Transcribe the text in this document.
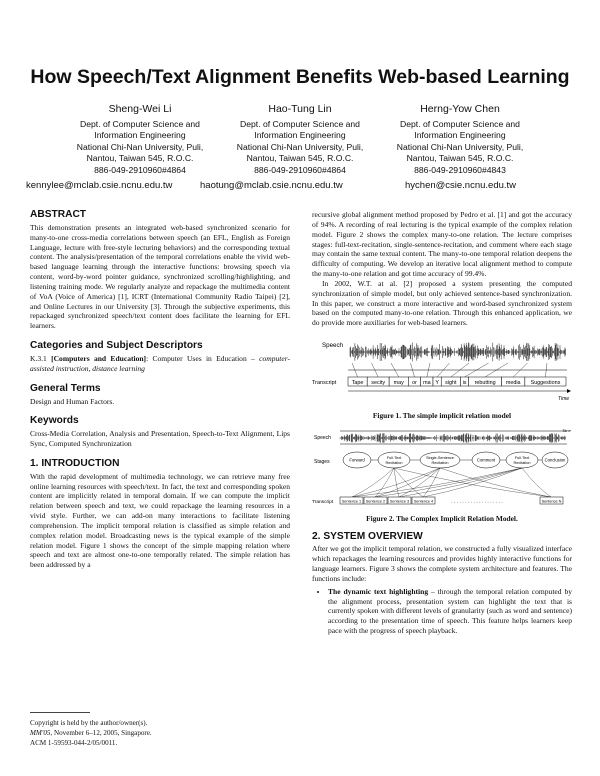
How Speech/Text Alignment Benefits Web-based Learning
Sheng-Wei Li
Dept. of Computer Science and
Information Engineering
National Chi-Nan University, Puli,
Nantou, Taiwan 545, R.O.C.
886-049-2910960#4864
Hao-Tung Lin
Dept. of Computer Science and
Information Engineering
National Chi-Nan University, Puli,
Nantou, Taiwan 545, R.O.C.
886-049-2910960#4864
Herng-Yow Chen
Dept. of Computer Science and
Information Engineering
National Chi-Nan University, Puli,
Nantou, Taiwan 545, R.O.C.
886-049-2910960#4843
kennylee@mclab.csie.ncnu.edu.tw	haotung@mclab.csie.ncnu.edu.tw	hychen@csie.ncnu.edu.tw
ABSTRACT

This demonstration presents an integrated web-based synchronized scenario for many-to-one cross-media correlations between speech (an EFL, English as Foreign Language, lecture with free-style lecturing behaviors) and the corresponding textual content. The analysis/presentation of the temporal correlations enable the vivid web-based language learning through the interactive functions: browsing speech via content, word-by-word pointer guidance, synchronized scrolling/highlighting, and listening training mode. We regularly analyze and repackage the multimedia content of VoA (Voice of America) [1], ICRT (International Community Radio Taipei) [2], and Online Lectures in our University [3]. Through the subjective experiments, this repackaged synchronized speech/text content does facilitate the learning for EFL learners.

Categories and Subject Descriptors

K.3.1 [Computers and Education]: Computer Uses in Education – computer-assisted instruction, distance learning

General Terms

Design and Human Factors.

Keywords

Cross-Media Correlation, Analysis and Presentation, Speech-to-Text Alignment, Lips Sync, Computed Synchronization

1. INTRODUCTION

With the rapid development of multimedia technology, we can retrieve many free online learning resources with speech/text. In fact, the text and corresponding spoken content are implicitly related in temporal domain. If we can compute the implicit relation between speech and text, we could repackage the learning resources in a vivid style. Further, we can add-on many interactions to facilitate listening comprehension. The implicit temporal relation is classified as simple relation and complex relation model. Broadcasting news is the typical example of the simple relation model. Figure 1 shows the concept of the simple mapping relation where speech and text are almost one-to-one temporally related. The simple relation has been addressed by a

Copyright is held by the author/owner(s).
MM'05, November 6–12, 2005, Singapore.
ACM 1-59593-044-2/05/0011.

recursive global alignment method proposed by Pedro et al. [1] and got the accuracy of 94%. A recording of real lecturing is the typical example of the complex relation model. Figure 2 shows the complex many-to-one relation. The lecture comprises stages: full-text-recitation, single-sentence-recitation, and comment where each stage may contain the same textual content. The many-to-one temporal relation deepens the difficulty of computing. We develop an iterative local alignment method to compute the many-to-one relation and got time accuracy of 99.4%.

In 2002, W.T. at al. [2] proposed a system presenting the computed synchronization of simple model, but only achieved sentence-based synchronization. In this paper, we construct a more interactive and word-based synchronized system based on the computed many-to-one relation. Through this enhanced application, we do provide more auxiliaries for web-based learners.

Speech
Transcript	Tape secity may or ma Y sight is rebutting media Suggestions
Time
Figure 1. The simple implicit relation model
Time
Speech
Stages	Forward	Full-Text
Recitation
Single-Sentence
Recitation
Comment	Full-Text
Recitation
Conclusion
Transcript Sentence 1 Sentence 2 Sentence 3 Sentence 4	Sentence N
. . . . . . . . . . . . . . . . . . .
Figure 2. The Complex Implicit Relation Model.
2. SYSTEM OVERVIEW

After we got the implicit temporal relation, we constructed a fully visualized interface which repackages the learning resources and provides highly interactive functions for language learners. Figure 3 shows the complete system architecture and features. The functions include:

• The dynamic text highlighting – through the temporal relation computed by the alignment process, presentation system can highlight the text that is currently spoken with different levels of granularity (such as word and sentence) according to the presentation time of speech. This feature helps learners keep pace with the progress of speech playback.
